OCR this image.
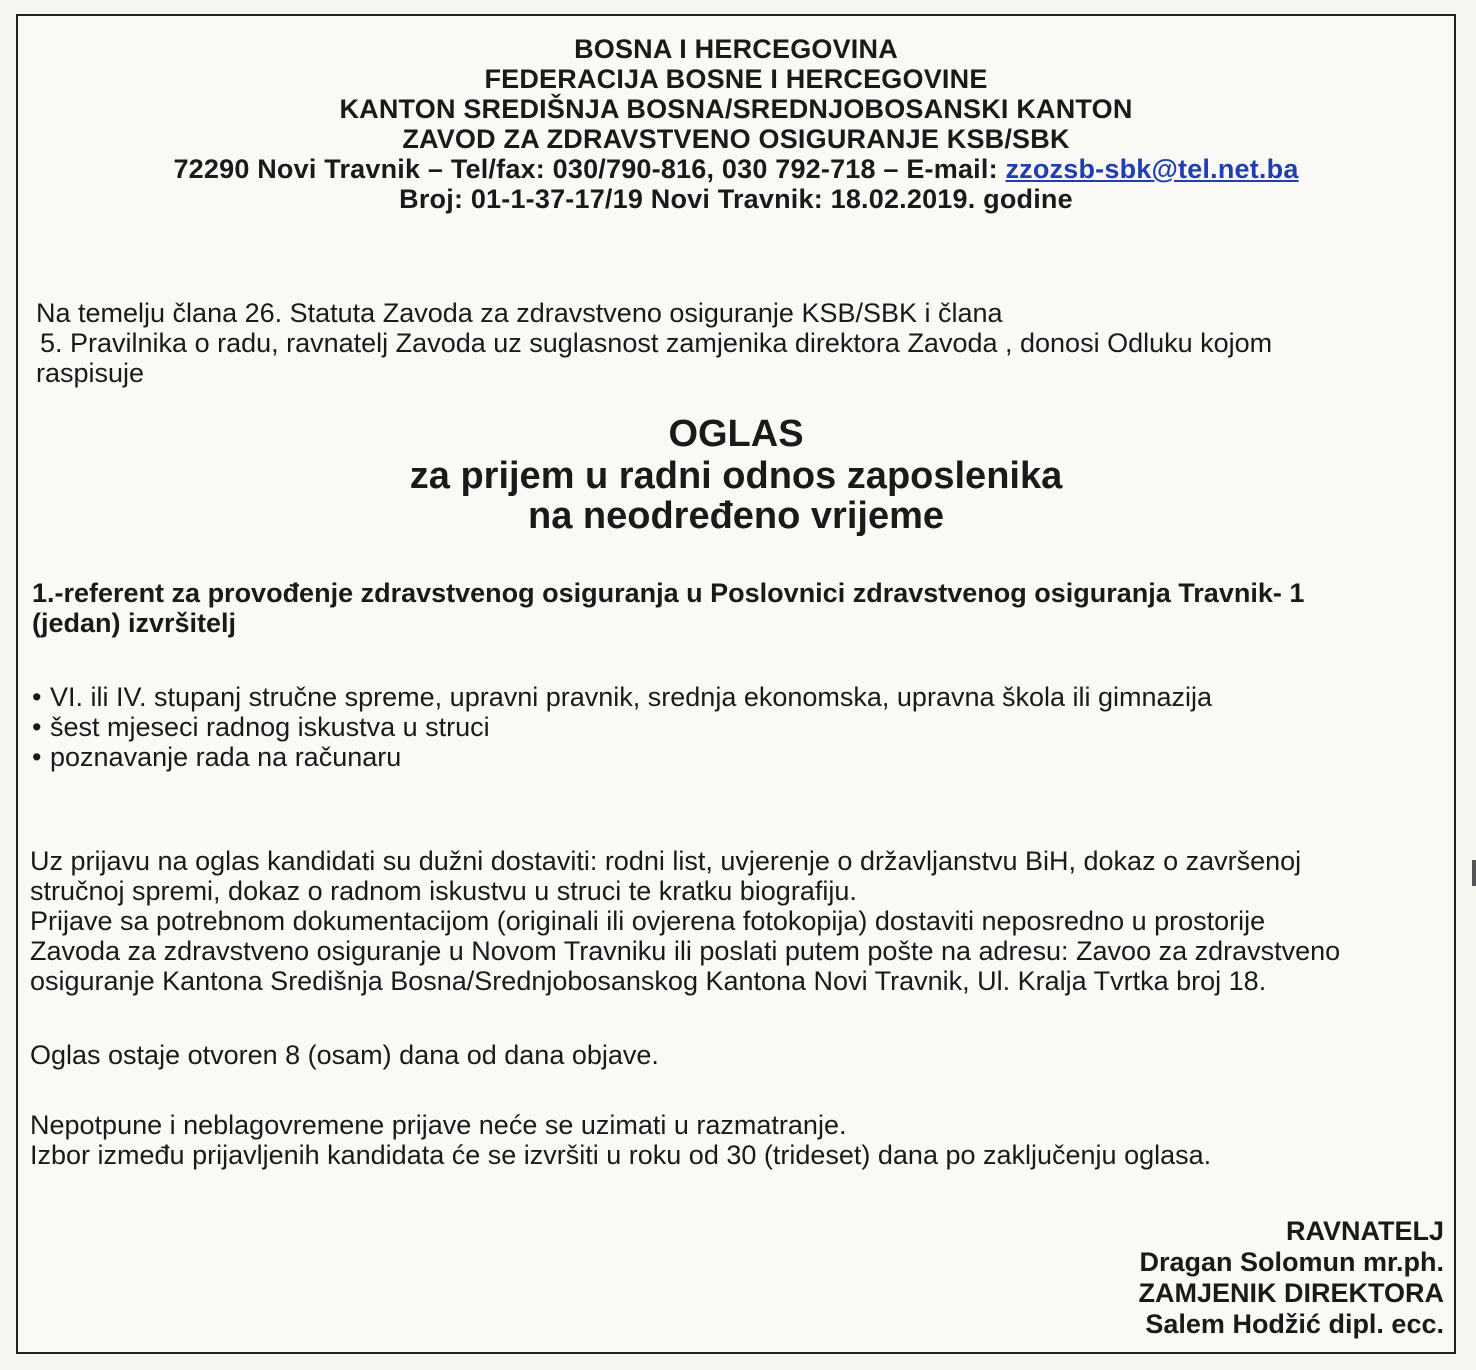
BOSNA I HERCEGOVINA
FEDERACIJA BOSNE I HERCEGOVINE
KANTON SREDIŠNJA BOSNA/SREDNJOBOSANSKI KANTON
ZAVOD ZA ZDRAVSTVENO OSIGURANJE KSB/SBK
72290 Novi Travnik – Tel/fax: 030/790-816, 030 792-718 – E-mail: zzozsb-sbk@tel.net.ba
Broj: 01-1-37-17/19 Novi Travnik: 18.02.2019. godine

Na temelju člana 26. Statuta Zavoda za zdravstveno osiguranje KSB/SBK i člana

5. Pravilnika o radu, ravnatelj Zavoda uz suglasnost zamjenika direktora Zavoda , donosi Odluku kojom

raspisuje

OGLAS
za prijem u radni odnos zaposlenika
na neodređeno vrijeme
1.-referent za provođenje zdravstvenog osiguranja u Poslovnici zdravstvenog osiguranja Travnik- 1
(jedan) izvršitelj
• VI. ili IV. stupanj stručne spreme, upravni pravnik, srednja ekonomska, upravna škola ili gimnazija
• šest mjeseci radnog iskustva u struci
• poznavanje rada na računaru

Uz prijavu na oglas kandidati su dužni dostaviti: rodni list, uvjerenje o državljanstvu BiH, dokaz o završenoj

stručnoj spremi, dokaz o radnom iskustvu u struci te kratku biografiju.

Prijave sa potrebnom dokumentacijom (originali ili ovjerena fotokopija) dostaviti neposredno u prostorije

Zavoda za zdravstveno osiguranje u Novom Travniku ili poslati putem pošte na adresu: Zavoo za zdravstveno

osiguranje Kantona Središnja Bosna/Srednjobosanskog Kantona Novi Travnik, Ul. Kralja Tvrtka broj 18.

Oglas ostaje otvoren 8 (osam) dana od dana objave.

Nepotpune i neblagovremene prijave neće se uzimati u razmatranje.

Izbor između prijavljenih kandidata će se izvršiti u roku od 30 (trideset) dana po zaključenju oglasa.

RAVNATELJ
Dragan Solomun mr.ph.
ZAMJENIK DIREKTORA
Salem Hodžić dipl. ecc.
